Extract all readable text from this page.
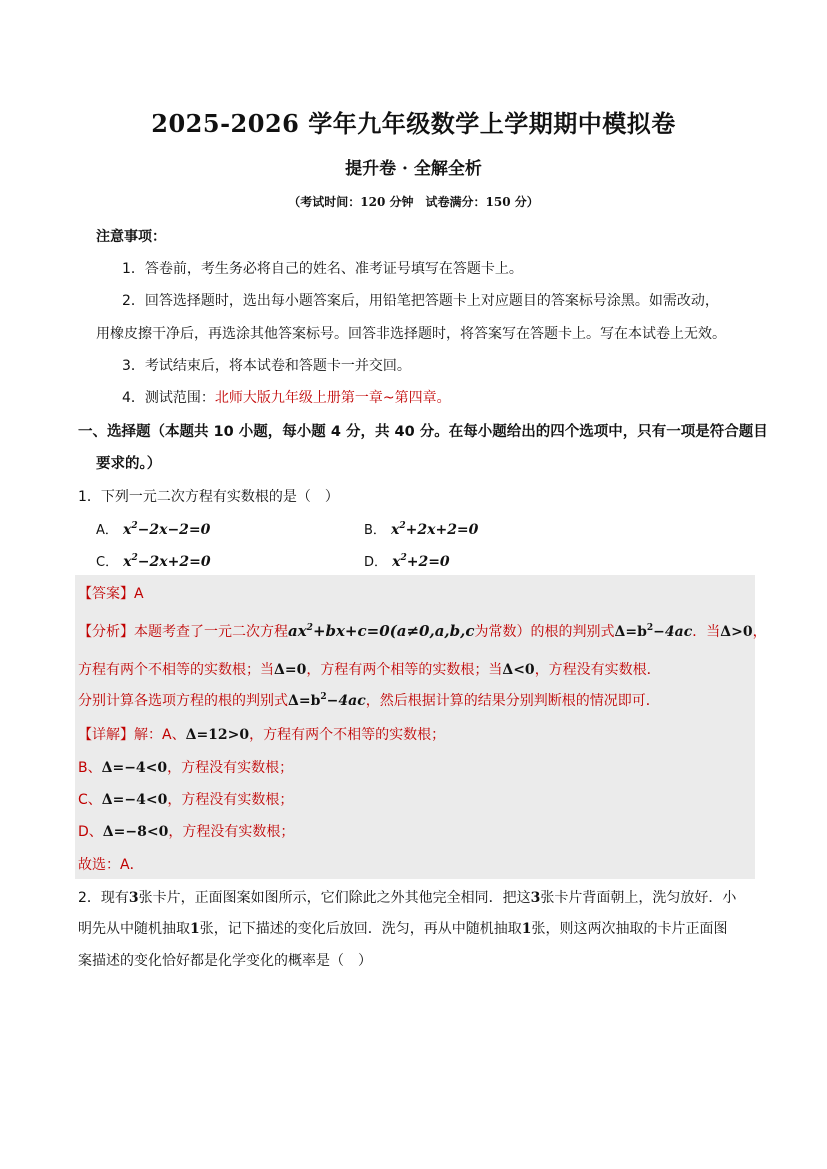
2025-2026 学年九年级数学上学期期中模拟卷
提升卷 · 全解全析
（考试时间：120 分钟　试卷满分：150 分）
注意事项：
1．答卷前，考生务必将自己的姓名、准考证号填写在答题卡上。
2．回答选择题时，选出每小题答案后，用铅笔把答题卡上对应题目的答案标号涂黑。如需改动，
用橡皮擦干净后，再选涂其他答案标号。回答非选择题时，将答案写在答题卡上。写在本试卷上无效。
3．考试结束后，将本试卷和答题卡一并交回。
4．测试范围：北师大版九年级上册第一章~第四章。
一、选择题（本题共 10 小题，每小题 4 分，共 40 分。在每小题给出的四个选项中，只有一项是符合题目
要求的。）
1．下列一元二次方程有实数根的是（　）
A． $x^2-2x-2=0$	B． $x^2+2x+2=0$
C． $x^2-2x+2=0$	D． $x^2+2=0$
【答案】A
【分析】本题考查了一元二次方程$ax^2+bx+c=0(a\ne 0,a,b,c$为常数）的根的判别式$\Delta=b^2-4ac$．当Δ>0，
方程有两个不相等的实数根；当Δ=0，方程有两个相等的实数根；当Δ<0，方程没有实数根．
分别计算各选项方程的根的判别式$\Delta=b^2-4ac$，然后根据计算的结果分别判断根的情况即可．
【详解】解：A、Δ=12>0，方程有两个不相等的实数根；
B、Δ=−4<0，方程没有实数根；
C、Δ=−4<0，方程没有实数根；
D、Δ=−8<0，方程没有实数根；
故选：A．
2．现有3张卡片，正面图案如图所示，它们除此之外其他完全相同．把这3张卡片背面朝上，洗匀放好．小
明先从中随机抽取1张，记下描述的变化后放回．洗匀，再从中随机抽取1张，则这两次抽取的卡片正面图
案描述的变化恰好都是化学变化的概率是（　）
